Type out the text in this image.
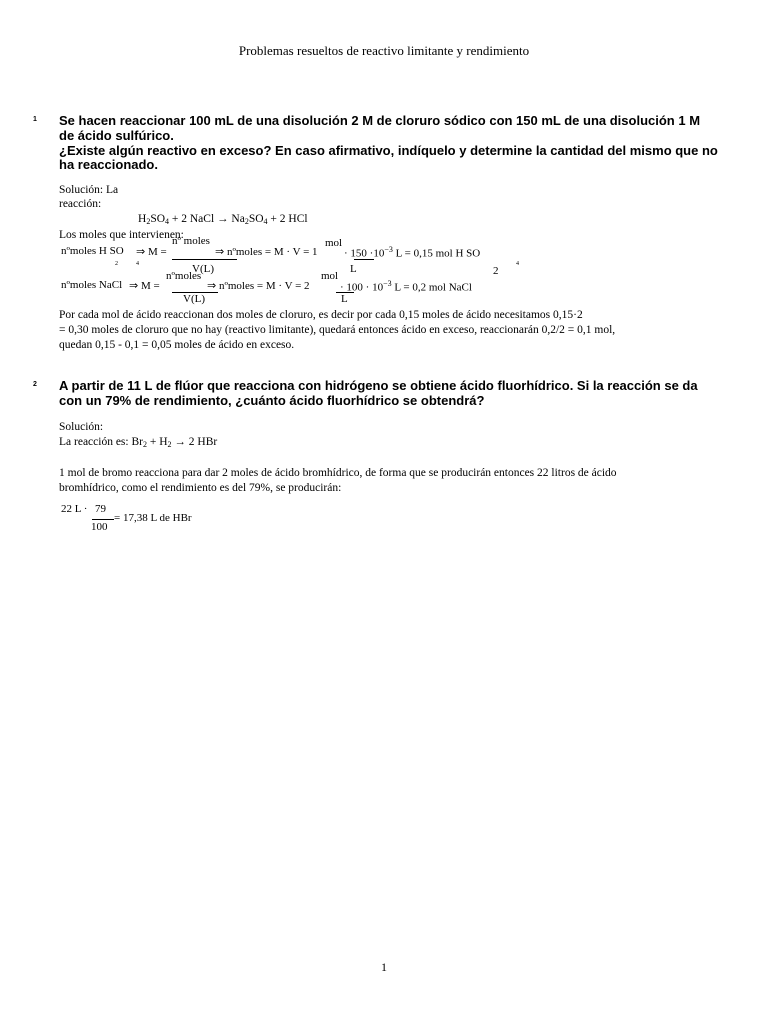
Problemas resueltos de reactivo limitante y rendimiento
1 Se hacen reaccionar 100 mL de una disolución 2 M de cloruro sódico con 150 mL de una disolución 1 M
de ácido sulfúrico.
¿Existe algún reactivo en exceso? En caso afirmativo, indíquelo y determine la cantidad del mismo que no
ha reaccionado.
Solución: La
reacción:
$H_2SO_4 + 2$ NaCl → $Na_2SO_4 + 2$ HCl
Los moles que intervienen:
nºmoles H SO
2	4
⇒ M =
nº moles
V(L)
⇒ nºmoles = M · V = 1
mol
L
· $150 \cdot 10^{-3}$ L = 0,15 mol H SO
4
nºmoles NaCl ⇒ M =
nºmoles
V(L)
⇒ nºmoles = M · V = 2
mol
L
· $100 \cdot 10^{-3}$ L = 0,2 mol NaCl
2
Por cada mol de ácido reaccionan dos moles de cloruro, es decir por cada 0,15 moles de ácido necesitamos 0,15·2
= 0,30 moles de cloruro que no hay (reactivo limitante), quedará entonces ácido en exceso, reaccionarán 0,2/2 = 0,1 mol,
quedan 0,15 - 0,1 = 0,05 moles de ácido en exceso.
2 A partir de 11 L de flúor que reacciona con hidrógeno se obtiene ácido fluorhídrico. Si la reacción se da
con un 79% de rendimiento, ¿cuánto ácido fluorhídrico se obtendrá?
Solución:
La reacción es: $Br_2 + H_2 \to 2$ HBr
1 mol de bromo reacciona para dar 2 moles de ácido bromhídrico, de forma que se producirán entonces 22 litros de ácido
bromhídrico, como el rendimiento es del 79%, se producirán:
22 L · 79
100
= 17,38 L de HBr
1
